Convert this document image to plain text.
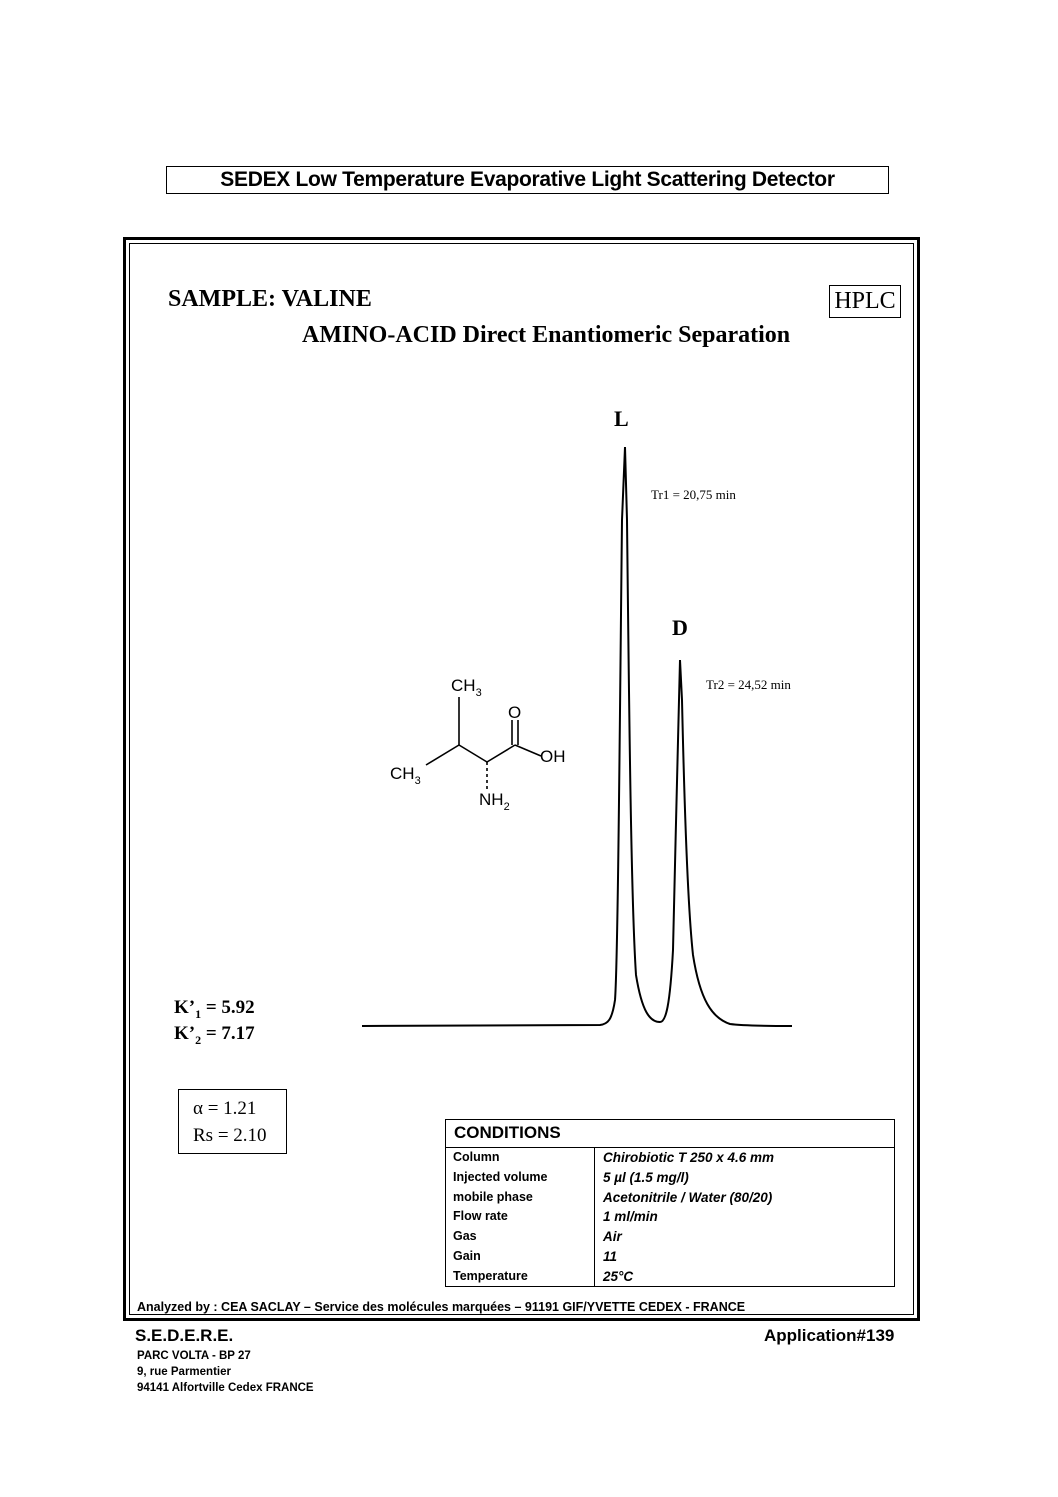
SEDEX Low Temperature Evaporative Light Scattering Detector
SAMPLE: VALINE
AMINO-ACID Direct Enantiomeric Separation
HPLC
L
Tr1 = 20,75 min
D
Tr2 = 24,52 min
$CH_3$
$CH_3$
O
OH
$NH_2$
$K’_1 = 5.92$
$K’_2 = 7.17$
α = 1.21
Rs = 2.10	CONDITIONS
Column	Chirobiotic T 250 x 4.6 mm
Injected volume	5 µl (1.5 mg/l)
mobile phase	Acetonitrile / Water (80/20)
Flow rate	1 ml/min
Gas	Air
Gain	11
Temperature	25°C
Analyzed by : CEA SACLAY – Service des molécules marquées – 91191 GIF/YVETTE CEDEX - FRANCE
S.E.D.E.R.E.	Application#139
PARC VOLTA - BP 27
9, rue Parmentier
94141 Alfortville Cedex FRANCE
